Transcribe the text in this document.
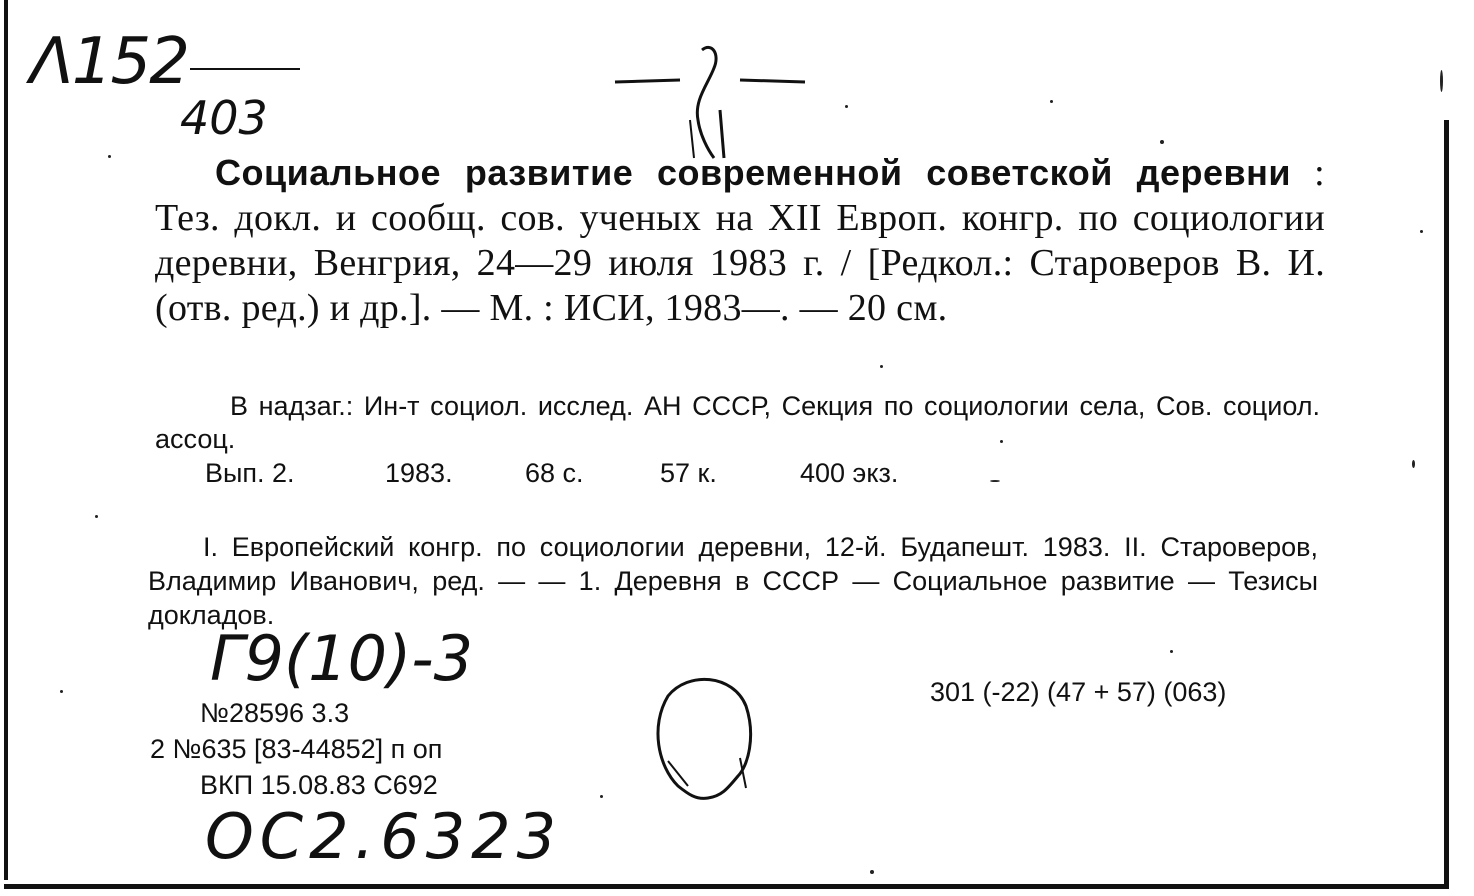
Λ152
403
Социальное развитие современной советской деревни : Тез. докл. и сообщ. сов. ученых на XII Европ. конгр. по социологии деревни, Венгрия, 24—29 июля 1983 г. / [Редкол.: Староверов В. И. (отв. ред.) и др.]. — М. : ИСИ, 1983—. — 20 см.
В надзаг.: Ин-т социол. исслед. АН СССР, Секция по социологии села, Сов. социол. ассоц.
Вып. 2.	1983.	68 с.	57 к.	400 экз.
I. Европейский конгр. по социологии деревни, 12-й. Будапешт. 1983. II. Староверов, Владимир Иванович, ред. — — 1. Деревня в СССР — Социальное развитие — Тезисы докладов.
Г9(10)-3	301 (-22) (47 + 57) (063)
№28596 3.3
2 №635 [83-44852] п оп
ВКП 15.08.83 С692
ОС2.6323
